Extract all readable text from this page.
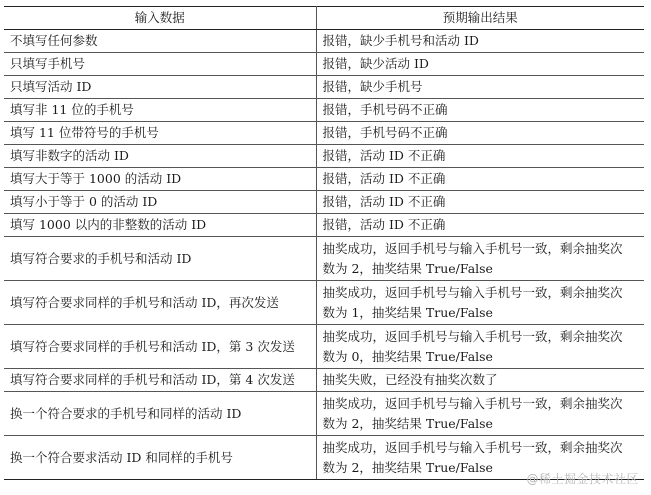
输入数据	预期输出结果
不填写任何参数	报错，缺少手机号和活动 ID
只填写手机号	报错，缺少活动 ID
只填写活动 ID	报错，缺少手机号
填写非 11 位的手机号	报错，手机号码不正确
填写 11 位带符号的手机号	报错，手机号码不正确
填写非数字的活动 ID	报错，活动 ID 不正确
填写大于等于 1000 的活动 ID	报错，活动 ID 不正确
填写小于等于 0 的活动 ID	报错，活动 ID 不正确
填写 1000 以内的非整数的活动 ID	报错，活动 ID 不正确
填写符合要求的手机号和活动 ID	抽奖成功，返回手机号与输入手机号一致，剩余抽奖次
数为 2，抽奖结果 True/False
填写符合要求同样的手机号和活动 ID，再次发送	抽奖成功，返回手机号与输入手机号一致，剩余抽奖次
数为 1，抽奖结果 True/False
填写符合要求同样的手机号和活动 ID，第 3 次发送	抽奖成功，返回手机号与输入手机号一致，剩余抽奖次
数为 0，抽奖结果 True/False
填写符合要求同样的手机号和活动 ID，第 4 次发送	抽奖失败，已经没有抽奖次数了
换一个符合要求的手机号和同样的活动 ID	抽奖成功，返回手机号与输入手机号一致，剩余抽奖次
数为 2，抽奖结果 True/False
换一个符合要求活动 ID 和同样的手机号	抽奖成功，返回手机号与输入手机号一致，剩余抽奖次
数为 2，抽奖结果 True/False
@稀土掘金技术社区
